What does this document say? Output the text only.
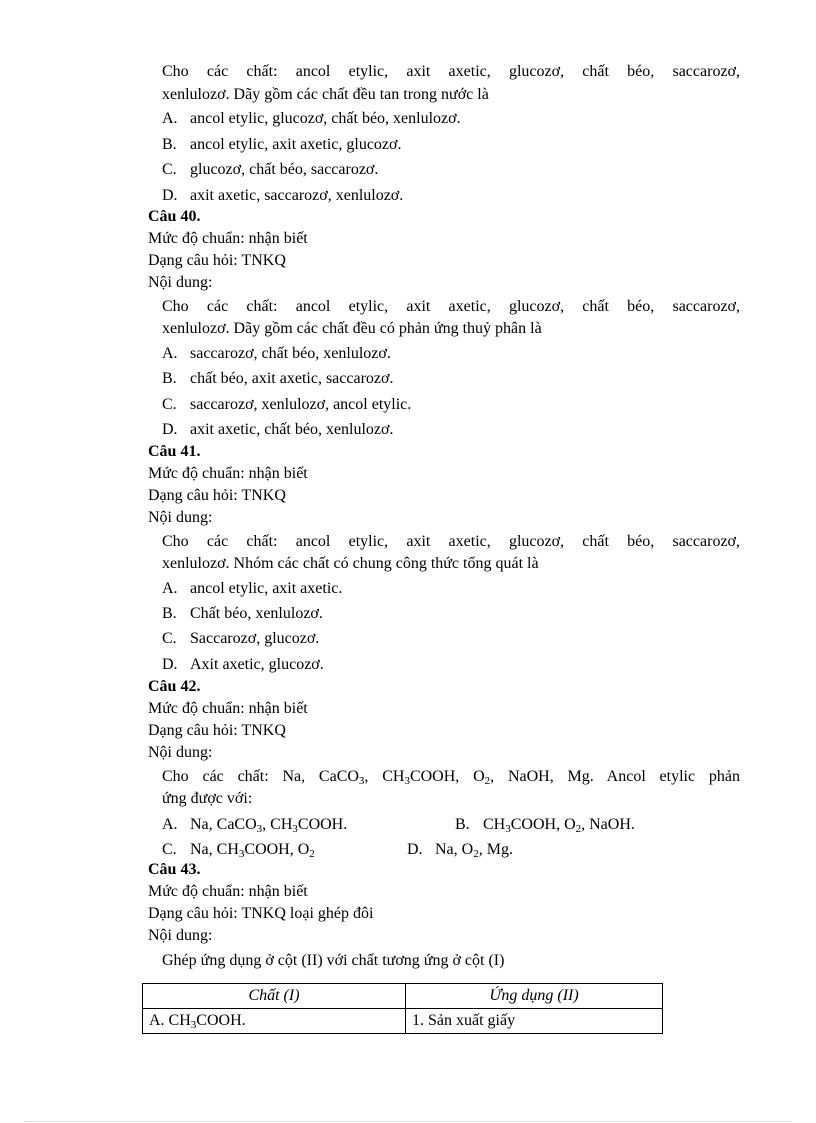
Cho các chất: ancol etylic, axit axetic, glucozơ, chất béo, saccarozơ,
xenlulozơ. Dãy gồm các chất đều tan trong nước là
A. ancol etylic, glucozơ, chất béo, xenlulozơ.
B. ancol etylic, axit axetic, glucozơ.
C. glucozơ, chất béo, saccarozơ.
D. axit axetic, saccarozơ, xenlulozơ.
Câu 40.
Mức độ chuẩn: nhận biết
Dạng câu hỏi: TNKQ
Nội dung:
Cho các chất: ancol etylic, axit axetic, glucozơ, chất béo, saccarozơ,
xenlulozơ. Dãy gồm các chất đều có phản ứng thuỷ phân là
A. saccarozơ, chất béo, xenlulozơ.
B. chất béo, axit axetic, saccarozơ.
C. saccarozơ, xenlulozơ, ancol etylic.
D. axit axetic, chất béo, xenlulozơ.
Câu 41.
Mức độ chuẩn: nhận biết
Dạng câu hỏi: TNKQ
Nội dung:
Cho các chất: ancol etylic, axit axetic, glucozơ, chất béo, saccarozơ,
xenlulozơ. Nhóm các chất có chung công thức tổng quát là
A. ancol etylic, axit axetic.
B. Chất béo, xenlulozơ.
C. Saccarozơ, glucozơ.
D. Axit axetic, glucozơ.
Câu 42.
Mức độ chuẩn: nhận biết
Dạng câu hỏi: TNKQ
Nội dung:
Cho các chất: Na, CaCO$_3$, $CH_3COOH$, $O_2$, NaOH, Mg. Ancol etylic phản
ứng được với:
A. Na, CaCO$_3$, $CH_3COOH$.	B. $CH_3COOH$, $O_2$, NaOH.
C. Na, $CH_3COOH$, $O_2$	D. Na, $O_2$, Mg.
Câu 43.
Mức độ chuẩn: nhận biết
Dạng câu hỏi: TNKQ loại ghép đôi
Nội dung:
Ghép ứng dụng ở cột (II) với chất tương ứng ở cột (I)
Chất (I)	Ứng dụng (II)
A. $CH_3COOH$.	1. Sản xuất giấy
